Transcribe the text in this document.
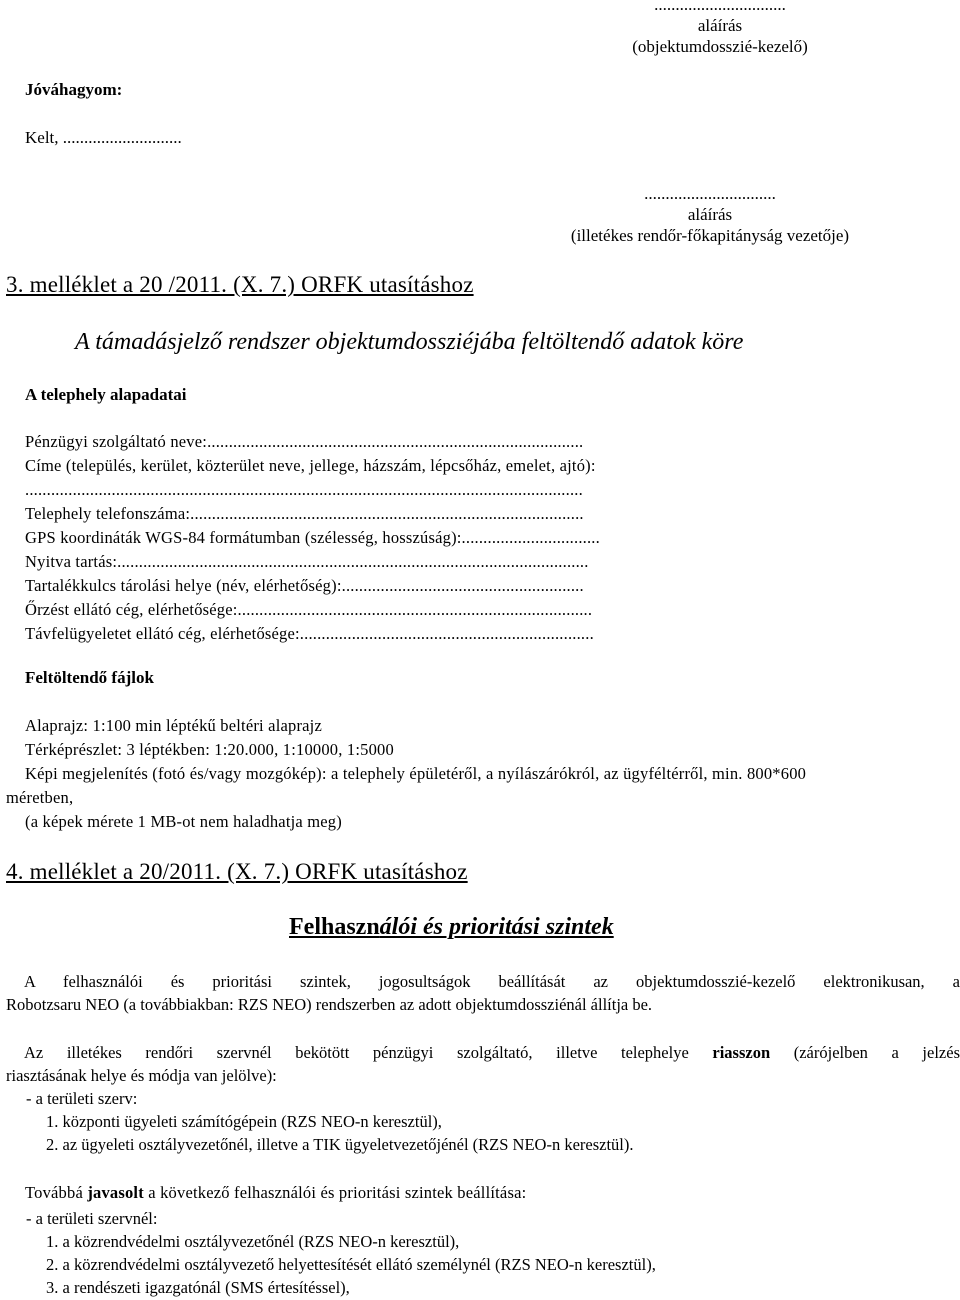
...............................
aláírás
(objektumdosszié-kezelő)
Jóváhagyom:
Kelt, ............................
...............................
aláírás
(illetékes rendőr-főkapitányság vezetője)
3. melléklet a 20 /2011. (X. 7.) ORFK utasításhoz
A támadásjelző rendszer objektumdossziéjába feltöltendő adatok köre
A telephely alapadatai
Pénzügyi szolgáltató neve:.......................................................................................
Címe (település, kerület, közterület neve, jellege, házszám, lépcsőház, emelet, ajtó):
.................................................................................................................................
Telephely telefonszáma:...........................................................................................
GPS koordináták WGS-84 formátumban (szélesség, hosszúság):................................
Nyitva tartás:.............................................................................................................
Tartalékkulcs tárolási helye (név, elérhetőség):........................................................
Őrzést ellátó cég, elérhetősége:..................................................................................
Távfelügyeletet ellátó cég, elérhetősége:....................................................................
Feltöltendő fájlok
Alaprajz: 1:100 min léptékű beltéri alaprajz
Térképrészlet: 3 léptékben: 1:20.000, 1:10000, 1:5000
Képi megjelenítés (fotó és/vagy mozgókép): a telephely épületéről, a nyílászárókról, az ügyféltérről, min. 800*600
méretben,
(a képek mérete 1 MB-ot nem haladhatja meg)
4. melléklet a 20/2011. (X. 7.) ORFK utasításhoz
Felhasználói és prioritási szintek
A felhasználói és prioritási szintek, jogosultságok beállítását az objektumdosszié-kezelő elektronikusan, a
Robotzsaru NEO (a továbbiakban: RZS NEO) rendszerben az adott objektumdossziénál állítja be.
Az illetékes rendőri szervnél bekötött pénzügyi szolgáltató, illetve telephelye riasszon (zárójelben a jelzés
riasztásának helye és módja van jelölve):
- a területi szerv:
1. központi ügyeleti számítógépein (RZS NEO-n keresztül),
2. az ügyeleti osztályvezetőnél, illetve a TIK ügyeletvezetőjénél (RZS NEO-n keresztül).
Továbbá javasolt a következő felhasználói és prioritási szintek beállítása:
- a területi szervnél:
1. a közrendvédelmi osztályvezetőnél (RZS NEO-n keresztül),
2. a közrendvédelmi osztályvezető helyettesítését ellátó személynél (RZS NEO-n keresztül),
3. a rendészeti igazgatónál (SMS értesítéssel),
